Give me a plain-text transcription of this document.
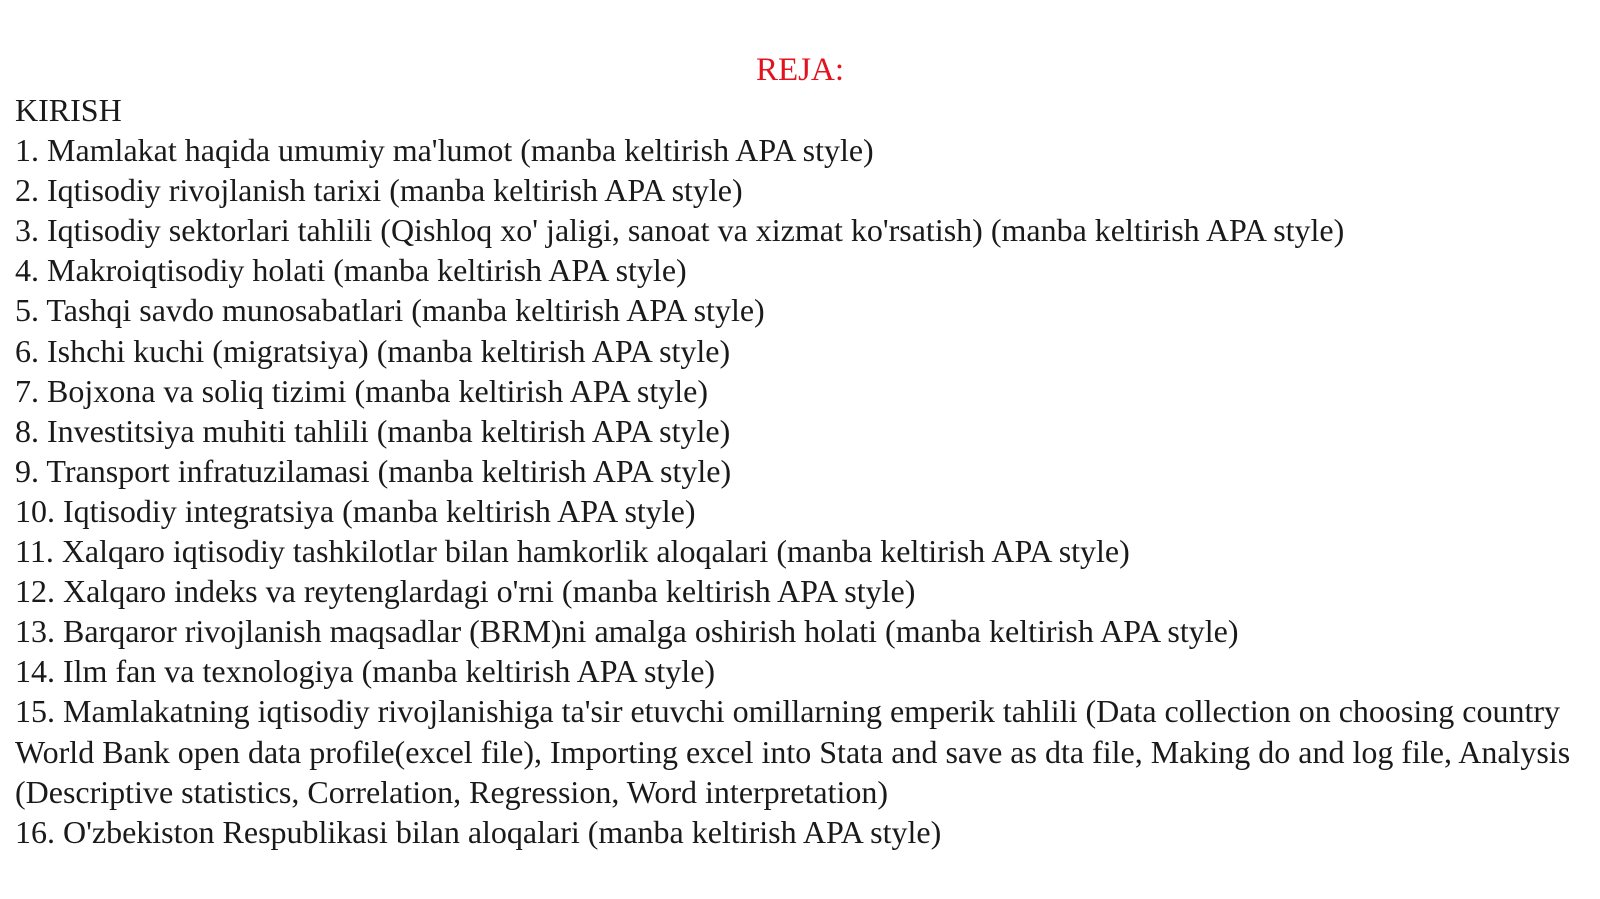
REJA:
KIRISH
1. Mamlakat haqida umumiy ma'lumot (manba keltirish APA style)
2. Iqtisodiy rivojlanish tarixi (manba keltirish APA style)
3. Iqtisodiy sektorlari tahlili (Qishloq xo' jaligi, sanoat va xizmat ko'rsatish) (manba keltirish APA style)
4. Makroiqtisodiy holati (manba keltirish APA style)
5. Tashqi savdo munosabatlari (manba keltirish APA style)
6. Ishchi kuchi (migratsiya) (manba keltirish APA style)
7. Bojxona va soliq tizimi (manba keltirish APA style)
8. Investitsiya muhiti tahlili (manba keltirish APA style)
9. Transport infratuzilamasi (manba keltirish APA style)
10. Iqtisodiy integratsiya (manba keltirish APA style)
11. Xalqaro iqtisodiy tashkilotlar bilan hamkorlik aloqalari (manba keltirish APA style)
12. Xalqaro indeks va reytenglardagi o'rni (manba keltirish APA style)
13. Barqaror rivojlanish maqsadlar (BRM)ni amalga oshirish holati (manba keltirish APA style)
14. Ilm fan va texnologiya (manba keltirish APA style)
15. Mamlakatning iqtisodiy rivojlanishiga ta'sir etuvchi omillarning emperik tahlili (Data collection on choosing country World Bank open data profile(excel file), Importing excel into Stata and save as dta file, Making do and log file, Analysis (Descriptive statistics, Correlation, Regression, Word interpretation)
16. O'zbekiston Respublikasi bilan aloqalari (manba keltirish APA style)
